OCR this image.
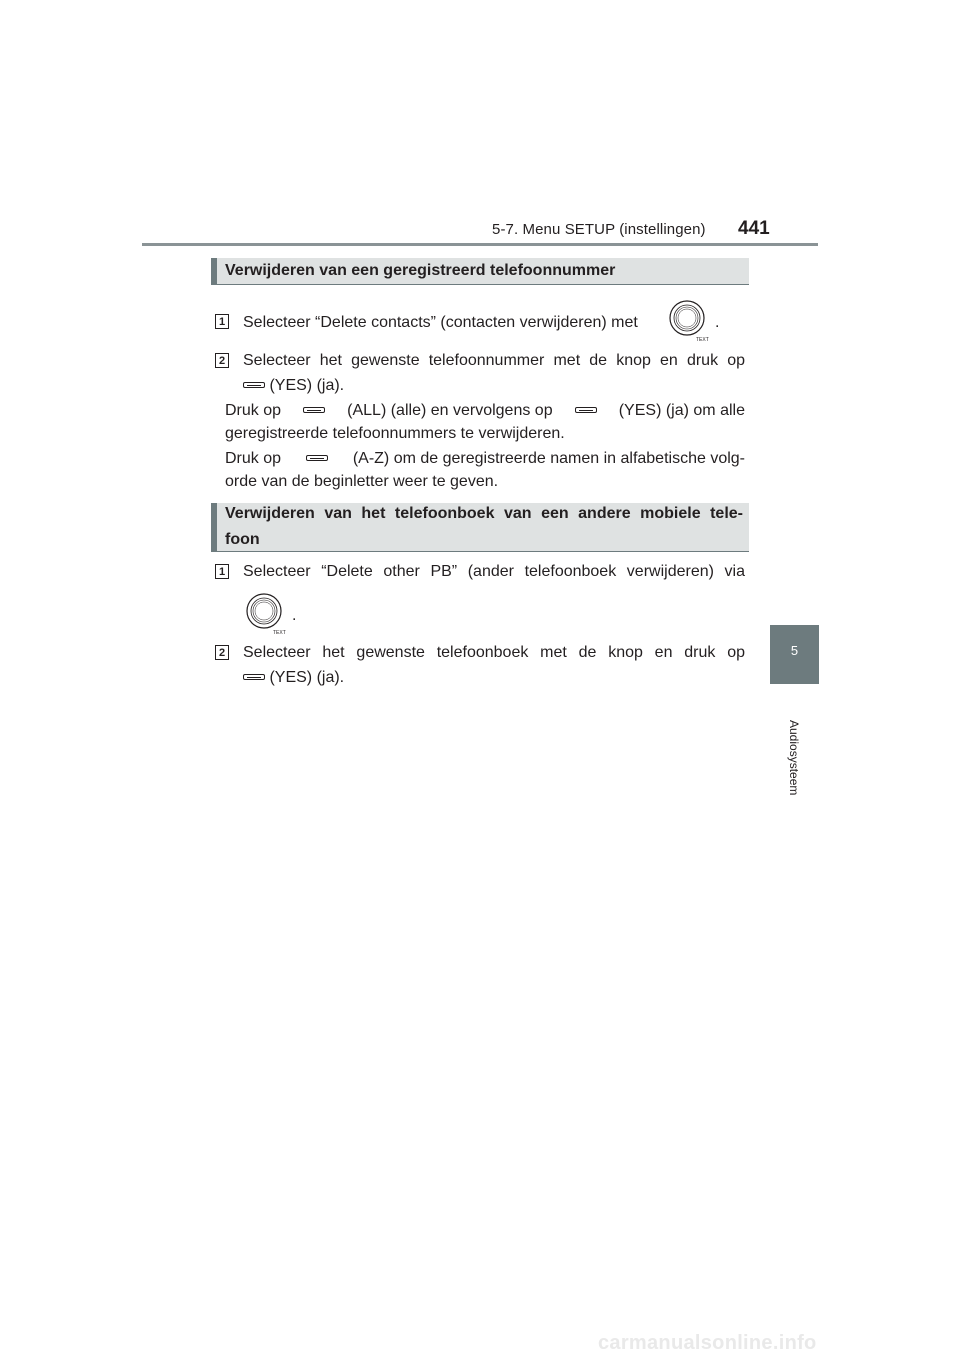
5-7. Menu SETUP (instellingen) 441
5
Audiosysteem
Verwijderen van een geregistreerd telefoonnummer
1 Selecteer “Delete contacts” (contacten verwijderen) met
TEXT
.
2 Selecteer het gewenste telefoonnummer met de knop en druk op
(YES) (ja).
Druk op	(ALL) (alle) en vervolgens op	(YES) (ja) om alle
geregistreerde telefoonnummers te verwijderen.
Druk op	(A-Z) om de geregistreerde namen in alfabetische volg-
orde van de beginletter weer te geven.
Verwijderen van het telefoonboek van een andere mobiele tele-
foon
1 Selecteer “Delete other PB” (ander telefoonboek verwijderen) via
TEXT
.
2 Selecteer het gewenste telefoonboek met de knop en druk op
(YES) (ja).
carmanualsonline.info
